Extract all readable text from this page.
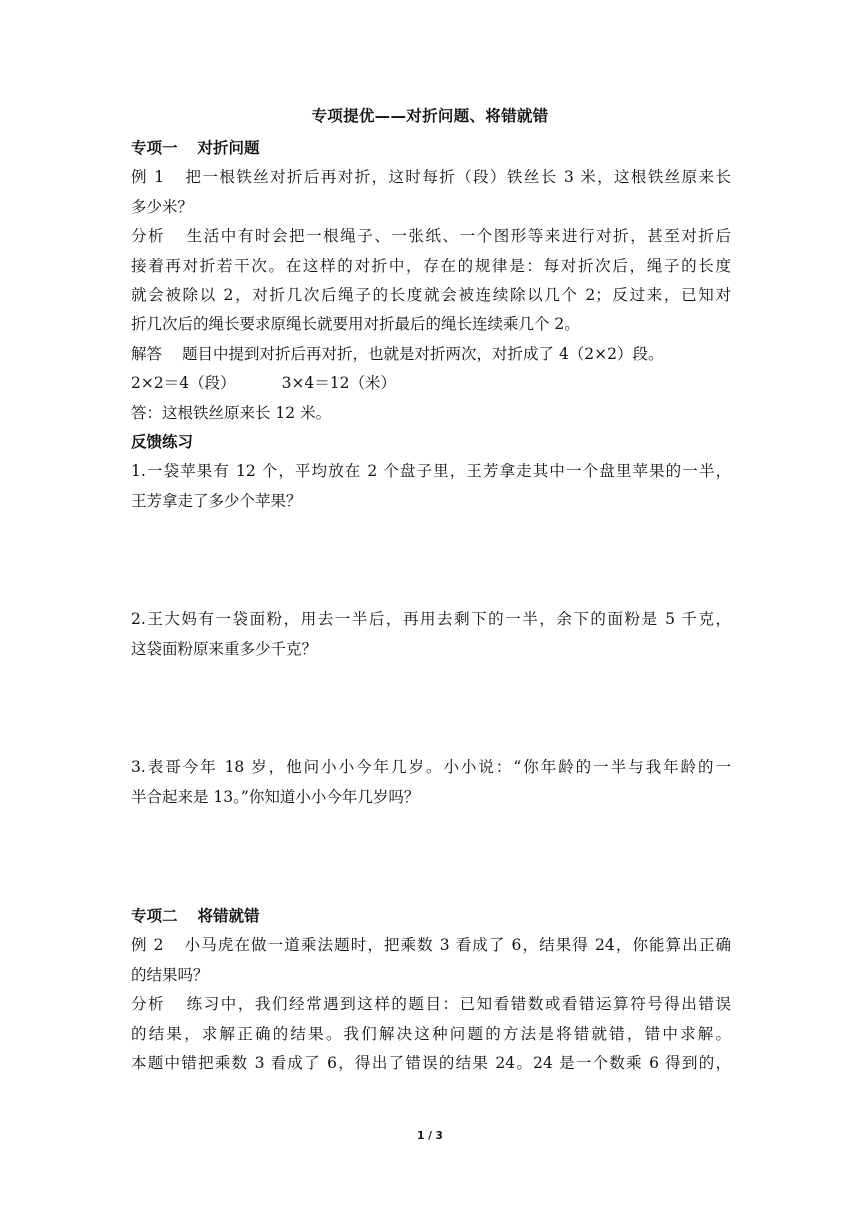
专项提优——对折问题、将错就错
专项一 对折问题
例 1 把一根铁丝对折后再对折，这时每折（段）铁丝长 3 米，这根铁丝原来长
多少米？
分析 生活中有时会把一根绳子、一张纸、一个图形等来进行对折，甚至对折后
接着再对折若干次。在这样的对折中，存在的规律是：每对折次后，绳子的长度
就会被除以 2，对折几次后绳子的长度就会被连续除以几个 2；反过来，已知对
折几次后的绳长要求原绳长就要用对折最后的绳长连续乘几个 2。
解答 题目中提到对折后再对折，也就是对折两次，对折成了 4（2×2）段。
2×2＝4（段）	3×4＝12（米）
答：这根铁丝原来长 12 米。
反馈练习
1.一袋苹果有 12 个，平均放在 2 个盘子里，王芳拿走其中一个盘里苹果的一半，
王芳拿走了多少个苹果？
2.王大妈有一袋面粉，用去一半后，再用去剩下的一半，余下的面粉是 5 千克，
这袋面粉原来重多少千克？
3.表哥今年 18 岁，他问小小今年几岁。小小说：“你年龄的一半与我年龄的一
半合起来是 13。”你知道小小今年几岁吗？
专项二 将错就错
例 2 小马虎在做一道乘法题时，把乘数 3 看成了 6，结果得 24，你能算出正确
的结果吗？
分析 练习中，我们经常遇到这样的题目：已知看错数或看错运算符号得出错误
的结果，求解正确的结果。我们解决这种问题的方法是将错就错，错中求解。
本题中错把乘数 3 看成了 6，得出了错误的结果 24。24 是一个数乘 6 得到的，
1 / 3
